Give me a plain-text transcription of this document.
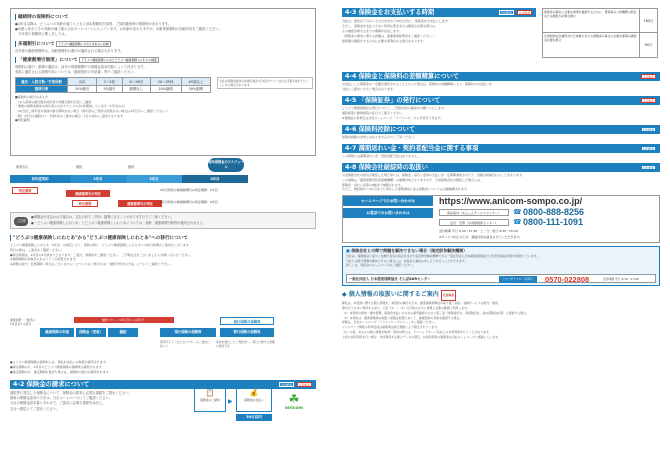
継続時の保険料について
●2年目以降は、どうぶつの年齢が満了とともに基本保険料を原則、ご契約継続時の保険料が変わります。
●年齢に伴なうその年齢が満了後の当社ホームページに入っています。お年齢が変わりますが、年齢別保険料の詳細内容をご確認ください。
　今年度の保険料に関しましては。
多頭割引について どうぶつ健康保険しにわとをあるいは制
次年度の継続保険料は、高齢保険料の割引が適用される場合もあります。
「健康割増引制度」について どうぶつ健康保険しにわとどうぶつ健康保険しにわとの制度
保険料の割引・割増の適用は、前年の保険期間中の保険金請求回数によって決まります。
実際に適用される割増引率については「継続契約の手続書」等でご確認ください。
適用・入院日数／手術回数	0回	1〜5回	6〜19回	20〜39回	40回以上
割増引率	10%割引	5%割引	割増なし	20%割増	50%割増
当社の保険金請求の診療日数が1日1回カウントまたは手術1回をカウントにする場合があります
■保険料の割引のある方
・(1)入院時の適日数が前年度の実績日数を目安にご確認
・健保の保険金請求の前年度の合計カウンマルが1回増加しています（1年目のみ）
・(2)当社ご前年度お客様の割引増率がない場合（前年度のご契約の結果がない場合は1年目からご確認ください。）
（例）1年目の通院1日・手術1回のご請求の場合：1日×1回のご請求となります
●例記載例
毎年保険金のスケジュール
新規加入	継続	継続
初年度契約	2年目	3年目	4年目
判定期間
健康割増引の判定
判定期間	健康割増引の判定
2年目契約の健康割増引の判定期間：1年目
3年目契約の健康割増引の判定期間：2年目
ご注意
●保険金が支払われた場合は、支払の有で（手回）割増になることがありますのでご了承ください。
●「どうぶつ健康保険しにわとあ」とどうぶつ健康保険しにわとあについては、高齢、健康割増引制度が適用されません。
"どうぶつ健康保険しにわとあ"から"どうぶつ健康保険しにわとあ"への移行について
どうぶつ健康保険しにわとあ「2年目」の規定により、更新の際に、どうぶつ健康保険しにわとあへの移行時期のご案内がございます
移行の際は、ご案内をご確認ください。
●移行時期は、2年目の4月頃までとなります。ご案内、保険料をご確認ください。ご不明な点がございましたらお問い合わせください。
※保険期間の起算日のあるプランが変更されます。
※詳細の案内・変更期間（移行はございません）については（移行方法）「継続手続きの方法」についてご確認ください。
健康割増・ご継続の2年目までの移行
継続フロー（2年目からの移行）
健康保険の申請	保険金（受取）	継続	現行保険の保険料
現行保険の保険料
移行保険の保険料
専用サイト「だんわつつち」のご案内に従って
条件を満たしたご契約者へ、移行に関する書類の送付予定
●どうぶつ健康保険の保険料には、現在お支払いの制度が適用されます。
●満定期間の方、2年目のどうぶつ健康保険の保険料が適用されます。
●満定期間の方、満定期間を過ぎた場合は、保険料の割引が適用されます。
4-2 保険金の請求について	契約概要	注意喚起
通院等に発生した保険金について、保険金の請求に必要な書類をご提出ください。
最新の保険金請求の方法は、当社ホームページにてご確認ください。
当社の保険金請求書とあわせて、ご請求に必要な書類を添付し、
当社ヘ郵送にてご提出ください。
📋
保険金のご請求	▶
💰
保険金お支払い
30日以内
☘
anicom
4-3 保険金をお支払いする時期	契約概要	注意喚起
当社は、請求完了日からその日を含めて30日以内に、保険金をお支払いします。
ただし、保険金を支払うために特別な照会または調査が必要な場合は、
その確認が終わるまでの期間を延長します。
（保険金の請求に関する詳細は、重要事項説明書をご確認ください。）
損害額の確認をするために必要な事項がある場合があります。
保険金の算出に必要な事項を確認するために、警察等の公的機関の照会または調査が必要な場合
180日
災害救助法が適用された地域における保険金の算出に必要な事項の調査が必要な場合
60日
4-4 保険金と保険料の差額精算について	注意喚起
お支払いした保険金の一定額が適用されることとなった場合は、保険料の差額精算により、保険料のお支払いを
当社にご請求いただく場合があります。
4-5 「保険証券」の発行について	注意喚起
どうぶつ健康保険証の発行について、ご契約内容の確認をお願いいたします。
通院時等に動物病院の窓口でご提示ください。
※保険証の再発行は当社ホームページ「マイページ」から手続きできます。
4-6 保険料控除について	契約概要
保険料控除の対象とはなりませんのでご了承ください。
4-7 満期返れい金・契約者配当金に関する事項	契約概要
この保険には満期返れい金・契約者配当金はありません。
4-8 保険会社破綻時の取扱い	契約概要
引受保険会社の経営が破綻した場合等には、保険金、返れい金等の支払いが一定期間凍結されたり、金額が削減されることがあります。
この保険は「損害保険契約者保護機構」の補償対象となりますので、引受保険会社が破綻した場合には、
保険金・返れい金等の8割まで補償されます。
ただし、破綻時から3か月までに発生した保険事故に係る保険金については全額補償されます。
ホームページでのお問い合わせは	https://www.anicom-sompo.co.jp/
お電話でのお問い合わせは	商品案内（あんしんサービスセンター）	☎ 0800-888-8256
意見・苦情（お客様相談センター）	☎ 0800-111-1091
受付時間 平日 9:30〜17:30　土・日・祝日 9:30〜15:30
※サービス向上のため、通話内容を録音させていただきます。
■ 保険会社との間で問題を解決できない場合（指定紛争解決機関）
当社は、保険業法に基づく金融庁長官の指定を受けた指定紛争解決機関である一般社団法人日本損害保険協会と手続実施基本契約を締結しています。
当社との間で問題を解決できない場合には、同協会に解決の申し立てを行うことができます。
詳しくは、同協会のホームページをご確認ください。
一般社団法人 日本損害保険協会 そんぽADRセンター	［ナビダイヤル（有料）］ 0570-022808	受付時間 平日 9:15〜17:00
◆ 個人情報の取扱いに関するご案内 注意喚起
弊社は、本契約に関する個人情報を、本契約の履行のため、損害保険等弊社の取り扱う商品・各種サービスの案内・提供、
等を行うために利用するほか、下記（1）〜（2）の目的のために業務上必要な範囲で利用します。
（1）本契約の締結・維持管理、保険金支払いのための事実確認のために第三者（業務委託先、再保険会社、他の保険会社等）に提供する場合。
（2）本契約は、損害保険等の取扱う保険会社間において、重複契約の有無を確認する場合。
詳細は、当社ホームページ「プライバシーポリシー」をご確認ください。
センシティブ情報の利用目的は保険業法施行規則により限定されています。
（1）の他、あなたの個人情報を取得・利用の際には、アニコム グループ各社との共同利用を行うことがあります。
上記の共同利用を行う場合、共同利用する個人データの項目、共同利用者の範囲等は当社ホームページに掲載しています。
